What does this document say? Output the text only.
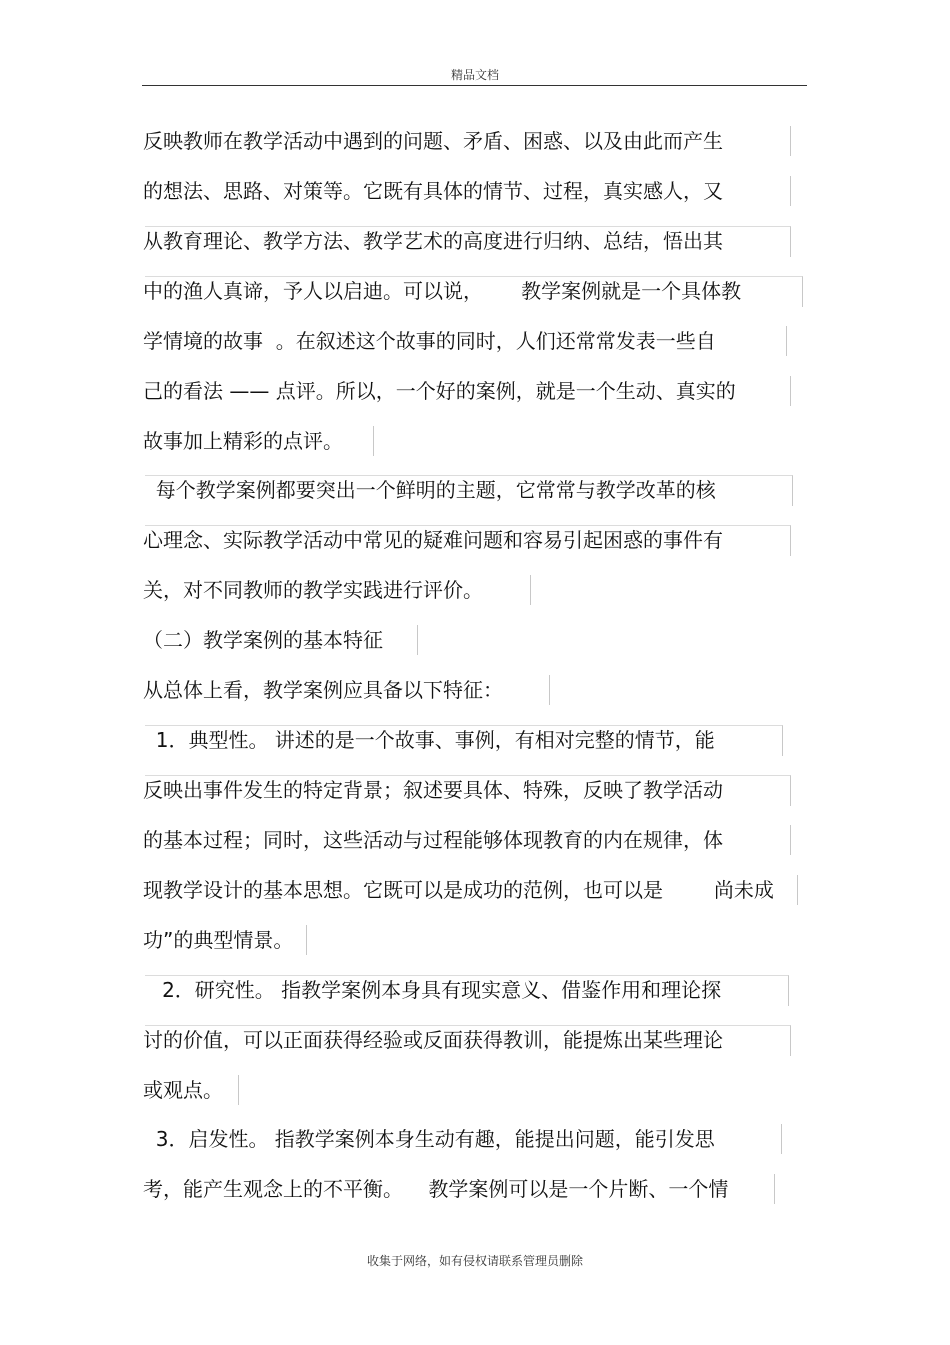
精品文档
反映教师在教学活动中遇到的问题、矛盾、困惑、以及由此而产生
的想法、思路、对策等。它既有具体的情节、过程，真实感人，又
从教育理论、教学方法、教学艺术的高度进行归纳、总结，悟出其
中的渔人真谛，予人以启迪。可以说，      教学案例就是一个具体教
学情境的故事  。在叙述这个故事的同时，人们还常常发表一些自
己的看法 —— 点评。所以，一个好的案例，就是一个生动、真实的
故事加上精彩的点评。
每个教学案例都要突出一个鲜明的主题，它常常与教学改革的核
心理念、实际教学活动中常见的疑难问题和容易引起困惑的事件有
关，对不同教师的教学实践进行评价。
（二）教学案例的基本特征
从总体上看，教学案例应具备以下特征：
1．典型性。 讲述的是一个故事、事例，有相对完整的情节，能
反映出事件发生的特定背景；叙述要具体、特殊，反映了教学活动
的基本过程；同时，这些活动与过程能够体现教育的内在规律，体
现教学设计的基本思想。它既可以是成功的范例，也可以是        尚未成
功”的典型情景。
2．研究性。 指教学案例本身具有现实意义、借鉴作用和理论探
讨的价值，可以正面获得经验或反面获得教训，能提炼出某些理论
或观点。
3．启发性。 指教学案例本身生动有趣，能提出问题，能引发思
考，能产生观念上的不平衡。    教学案例可以是一个片断、一个情
收集于网络，如有侵权请联系管理员删除
